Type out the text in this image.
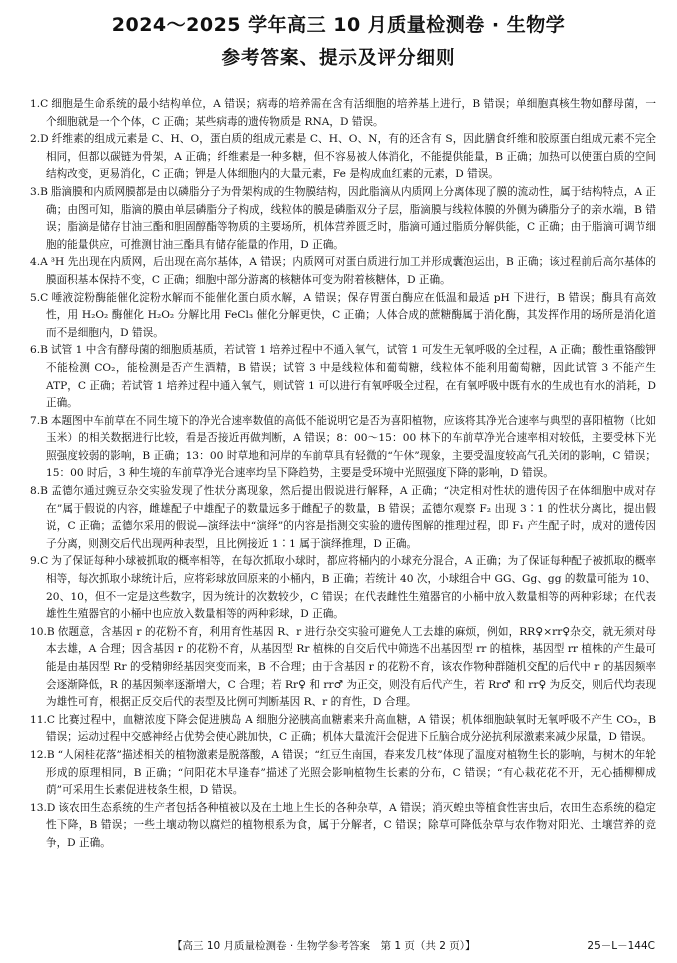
2024～2025 学年高三 10 月质量检测卷 · 生物学
参考答案、提示及评分细则

1.C 细胞是生命系统的最小结构单位，A 错误；病毒的培养需在含有活细胞的培养基上进行，B 错误；单细胞真核生物如酵母菌，一个细胞就是一个个体，C 正确；某些病毒的遗传物质是 RNA，D 错误。

2.D 纤维素的组成元素是 C、H、O，蛋白质的组成元素是 C、H、O、N，有的还含有 S，因此膳食纤维和胶原蛋白组成元素不完全相同，但都以碳链为骨架，A 正确；纤维素是一种多糖，但不容易被人体消化，不能提供能量，B 正确；加热可以使蛋白质的空间结构改变，更易消化，C 正确；钾是人体细胞内的大量元素，Fe 是构成血红素的元素，D 错误。

3.B 脂滴膜和内质网膜都是由以磷脂分子为骨架构成的生物膜结构，因此脂滴从内质网上分离体现了膜的流动性，属于结构特点，A 正确；由图可知，脂滴的膜由单层磷脂分子构成，线粒体的膜是磷脂双分子层，脂滴膜与线粒体膜的外侧为磷脂分子的亲水端，B 错误；脂滴是储存甘油三酯和胆固醇酯等物质的主要场所，机体营养匮乏时，脂滴可通过脂质分解供能，C 正确；由于脂滴可调节细胞的能量供应，可推测甘油三酯具有储存能量的作用，D 正确。

4.A ³H 先出现在内质网，后出现在高尔基体，A 错误；内质网可对蛋白质进行加工并形成囊泡运出，B 正确；该过程前后高尔基体的膜面积基本保持不变，C 正确；细胞中部分游离的核糖体可变为附着核糖体，D 正确。

5.C 唾液淀粉酶能催化淀粉水解而不能催化蛋白质水解，A 错误；保存胃蛋白酶应在低温和最适 pH 下进行，B 错误；酶具有高效性，用 H₂O₂ 酶催化 H₂O₂ 分解比用 FeCl₃ 催化分解更快，C 正确；人体合成的蔗糖酶属于消化酶，其发挥作用的场所是消化道而不是细胞内，D 错误。

6.B 试管 1 中含有酵母菌的细胞质基质，若试管 1 培养过程中不通入氧气，试管 1 可发生无氧呼吸的全过程，A 正确；酸性重铬酸钾不能检测 CO₂，能检测是否产生酒精，B 错误；试管 3 中是线粒体和葡萄糖，线粒体不能利用葡萄糖，因此试管 3 不能产生 ATP，C 正确；若试管 1 培养过程中通入氧气，则试管 1 可以进行有氧呼吸全过程，在有氧呼吸中既有水的生成也有水的消耗，D 正确。

7.B 本题图中车前草在不同生境下的净光合速率数值的高低不能说明它是否为喜阳植物，应该将其净光合速率与典型的喜阳植物（比如玉米）的相关数据进行比较，看是否接近再做判断，A 错误；8：00～15：00 林下的车前草净光合速率相对较低，主要受林下光照强度较弱的影响，B 正确；13：00 时草地和河岸的车前草具有轻微的“午休”现象，主要受温度较高气孔关闭的影响，C 错误；15：00 时后，3 种生境的车前草净光合速率均呈下降趋势，主要是受环境中光照强度下降的影响，D 错误。

8.B 孟德尔通过豌豆杂交实验发现了性状分离现象，然后提出假说进行解释，A 正确；“决定相对性状的遗传因子在体细胞中成对存在”属于假说的内容，雌雄配子中雄配子的数量远多于雌配子的数量，B 错误；孟德尔观察 F₂ 出现 3∶1 的性状分离比，提出假说，C 正确；孟德尔采用的假说—演绎法中“演绎”的内容是指测交实验的遗传图解的推理过程，即 F₁ 产生配子时，成对的遗传因子分离，则测交后代出现两种表型，且比例接近 1∶1 属于演绎推理，D 正确。

9.C 为了保证每种小球被抓取的概率相等，在每次抓取小球时，都应将桶内的小球充分混合，A 正确；为了保证每种配子被抓取的概率相等，每次抓取小球统计后，应将彩球放回原来的小桶内，B 正确；若统计 40 次，小球组合中 GG、Gg、gg 的数量可能为 10、20、10，但不一定是这些数字，因为统计的次数较少，C 错误；在代表雌性生殖器官的小桶中放入数量相等的两种彩球；在代表雄性生殖器官的小桶中也应放入数量相等的两种彩球，D 正确。

10.B 依题意，含基因 r 的花粉不育，利用育性基因 R、r 进行杂交实验可避免人工去雄的麻烦，例如，RR♀×rr♀杂交，就无须对母本去雄，A 合理；因含基因 r 的花粉不育，从基因型 Rr 植株的自交后代中筛选不出基因型 rr 的植株，基因型 rr 植株的产生最可能是由基因型 Rr 的受精卵经基因突变而来，B 不合理；由于含基因 r 的花粉不育，该农作物种群随机交配的后代中 r 的基因频率会逐渐降低，R 的基因频率逐渐增大，C 合理；若 Rr♀ 和 rr♂ 为正交，则没有后代产生，若 Rr♂ 和 rr♀ 为反交，则后代均表现为雄性可育，根据正反交后代的表型及比例可判断基因 R、r 的育性，D 合理。

11.C 比赛过程中，血糖浓度下降会促进胰岛 A 细胞分泌胰高血糖素来升高血糖，A 错误；机体细胞缺氧时无氧呼吸不产生 CO₂，B 错误；运动过程中交感神经占优势会使心跳加快，C 正确；机体大量流汗会促进下丘脑合成分泌抗利尿激素来减少尿量，D 错误。

12.B “人闲桂花落”描述相关的植物激素是脱落酸，A 错误；“红豆生南国，春来发几枝”体现了温度对植物生长的影响，与树木的年轮形成的原理相同，B 正确；“问阳花木早逢春”描述了光照会影响植物生长素的分布，C 错误；“有心栽花花不开，无心插柳柳成荫”可采用生长素促进枝条生根，D 错误。

13.D 该农田生态系统的生产者包括各种植被以及在土地上生长的各种杂草，A 错误；消灭蝗虫等植食性害虫后，农田生态系统的稳定性下降，B 错误；一些土壤动物以腐烂的植物根系为食，属于分解者，C 错误；除草可降低杂草与农作物对阳光、土壤营养的竞争，D 正确。

【高三 10 月质量检测卷 · 生物学参考答案　第 1 页（共 2 页）】	25－L－144C
